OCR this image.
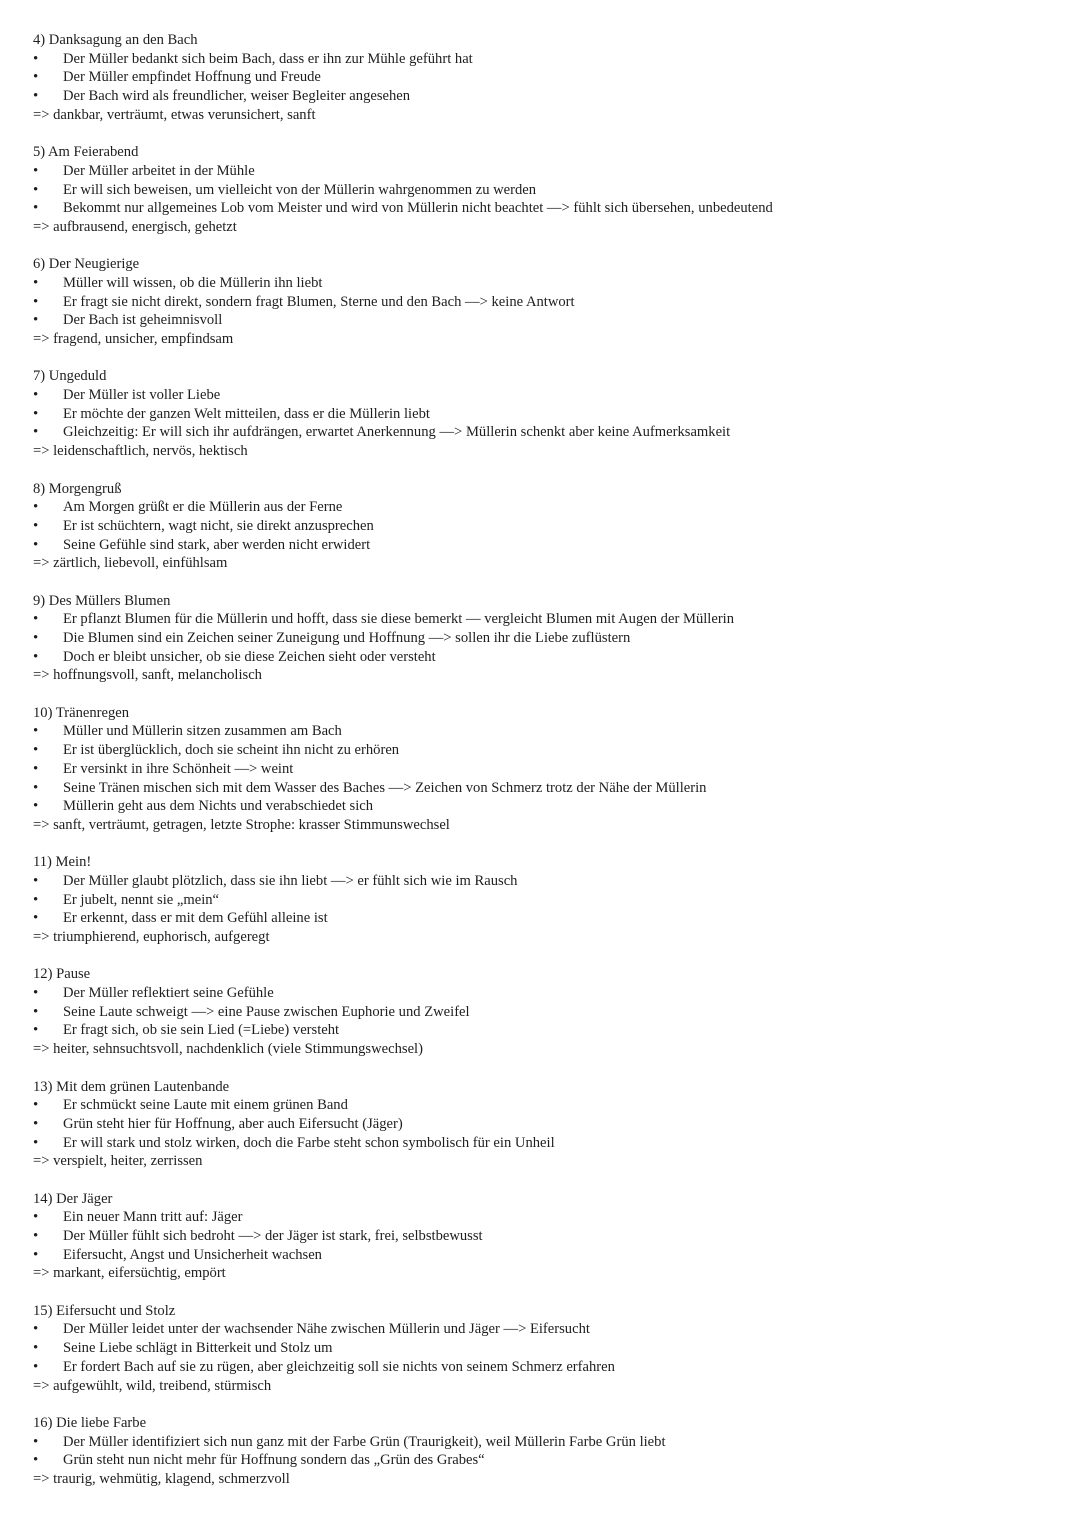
4) Danksagung an den Bach
• Der Müller bedankt sich beim Bach, dass er ihn zur Mühle geführt hat
• Der Müller empfindet Hoffnung und Freude
• Der Bach wird als freundlicher, weiser Begleiter angesehen
=> dankbar, verträumt, etwas verunsichert, sanft
5) Am Feierabend
• Der Müller arbeitet in der Mühle
• Er will sich beweisen, um vielleicht von der Müllerin wahrgenommen zu werden
• Bekommt nur allgemeines Lob vom Meister und wird von Müllerin nicht beachtet —> fühlt sich übersehen, unbedeutend
=> aufbrausend, energisch, gehetzt
6) Der Neugierige
• Müller will wissen, ob die Müllerin ihn liebt
• Er fragt sie nicht direkt, sondern fragt Blumen, Sterne und den Bach —> keine Antwort
• Der Bach ist geheimnisvoll
=> fragend, unsicher, empfindsam
7) Ungeduld
• Der Müller ist voller Liebe
• Er möchte der ganzen Welt mitteilen, dass er die Müllerin liebt
• Gleichzeitig: Er will sich ihr aufdrängen, erwartet Anerkennung —> Müllerin schenkt aber keine Aufmerksamkeit
=> leidenschaftlich, nervös, hektisch
8) Morgengruß
• Am Morgen grüßt er die Müllerin aus der Ferne
• Er ist schüchtern, wagt nicht, sie direkt anzusprechen
• Seine Gefühle sind stark, aber werden nicht erwidert
=> zärtlich, liebevoll, einfühlsam
9) Des Müllers Blumen
• Er pflanzt Blumen für die Müllerin und hofft, dass sie diese bemerkt — vergleicht Blumen mit Augen der Müllerin
• Die Blumen sind ein Zeichen seiner Zuneigung und Hoffnung —> sollen ihr die Liebe zuflüstern
• Doch er bleibt unsicher, ob sie diese Zeichen sieht oder versteht
=> hoffnungsvoll, sanft, melancholisch
10) Tränenregen
• Müller und Müllerin sitzen zusammen am Bach
• Er ist überglücklich, doch sie scheint ihn nicht zu erhören
• Er versinkt in ihre Schönheit —> weint
• Seine Tränen mischen sich mit dem Wasser des Baches —> Zeichen von Schmerz trotz der Nähe der Müllerin
• Müllerin geht aus dem Nichts und verabschiedet sich
=> sanft, verträumt, getragen, letzte Strophe: krasser Stimmunswechsel
11) Mein!
• Der Müller glaubt plötzlich, dass sie ihn liebt —> er fühlt sich wie im Rausch
• Er jubelt, nennt sie „mein“
• Er erkennt, dass er mit dem Gefühl alleine ist
=> triumphierend, euphorisch, aufgeregt
12) Pause
• Der Müller reflektiert seine Gefühle
• Seine Laute schweigt —> eine Pause zwischen Euphorie und Zweifel
• Er fragt sich, ob sie sein Lied (=Liebe) versteht
=> heiter, sehnsuchtsvoll, nachdenklich (viele Stimmungswechsel)
13) Mit dem grünen Lautenbande
• Er schmückt seine Laute mit einem grünen Band
• Grün steht hier für Hoffnung, aber auch Eifersucht (Jäger)
• Er will stark und stolz wirken, doch die Farbe steht schon symbolisch für ein Unheil
=> verspielt, heiter, zerrissen
14) Der Jäger
• Ein neuer Mann tritt auf: Jäger
• Der Müller fühlt sich bedroht —> der Jäger ist stark, frei, selbstbewusst
• Eifersucht, Angst und Unsicherheit wachsen
=> markant, eifersüchtig, empört
15) Eifersucht und Stolz
• Der Müller leidet unter der wachsender Nähe zwischen Müllerin und Jäger —> Eifersucht
• Seine Liebe schlägt in Bitterkeit und Stolz um
• Er fordert Bach auf sie zu rügen, aber gleichzeitig soll sie nichts von seinem Schmerz erfahren
=> aufgewühlt, wild, treibend, stürmisch
16) Die liebe Farbe
• Der Müller identifiziert sich nun ganz mit der Farbe Grün (Traurigkeit), weil Müllerin Farbe Grün liebt
• Grün steht nun nicht mehr für Hoffnung sondern das „Grün des Grabes“
=> traurig, wehmütig, klagend, schmerzvoll
